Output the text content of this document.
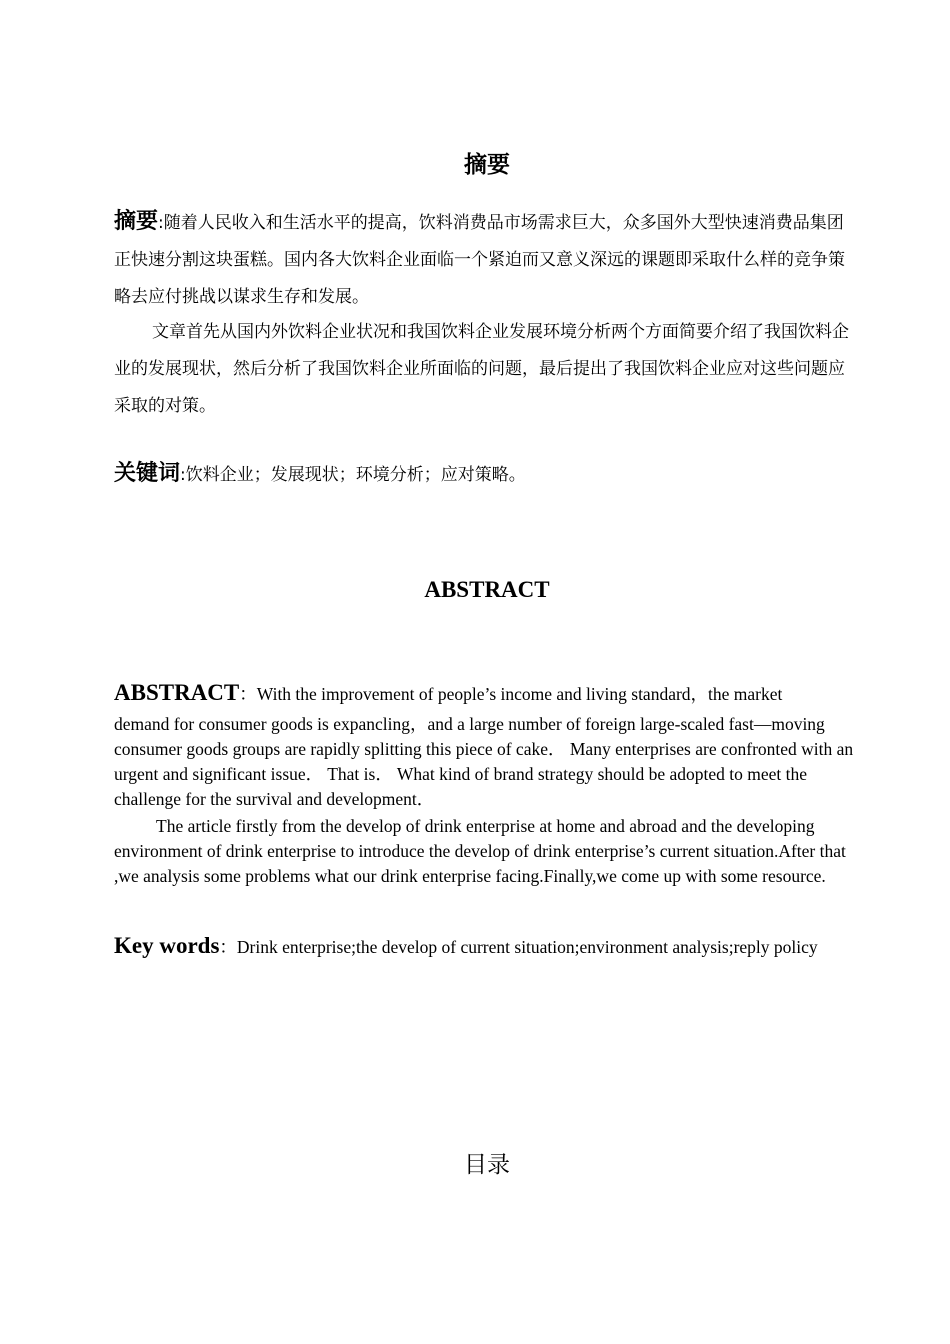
摘要
摘要:随着人民收入和生活水平的提高，饮料消费品市场需求巨大，众多国外大型快速消费品集团正快速分割这块蛋糕。国内各大饮料企业面临一个紧迫而又意义深远的课题即采取什么样的竞争策略去应付挑战以谋求生存和发展。

文章首先从国内外饮料企业状况和我国饮料企业发展环境分析两个方面简要介绍了我国饮料企业的发展现状，然后分析了我国饮料企业所面临的问题，最后提出了我国饮料企业应对这些问题应采取的对策。

关键词:饮料企业；发展现状；环境分析；应对策略。
ABSTRACT
ABSTRACT：With the improvement of people’s income and living standard，the market
demand for consumer goods is expancling，and a large number of foreign large-scaled fast—moving consumer goods groups are rapidly splitting this piece of cake． Many enterprises are confronted with an urgent and significant issue． That is． What kind of brand strategy should be adopted to meet the challenge for the survival and development．

The article firstly from the develop of drink enterprise at home and abroad and the developing environment of drink enterprise to introduce the develop of drink enterprise’s current situation.After that ,we analysis some problems what our drink enterprise facing.Finally,we come up with some resource.

Key words：Drink enterprise;the develop of current situation;environment analysis;reply policy
目录
